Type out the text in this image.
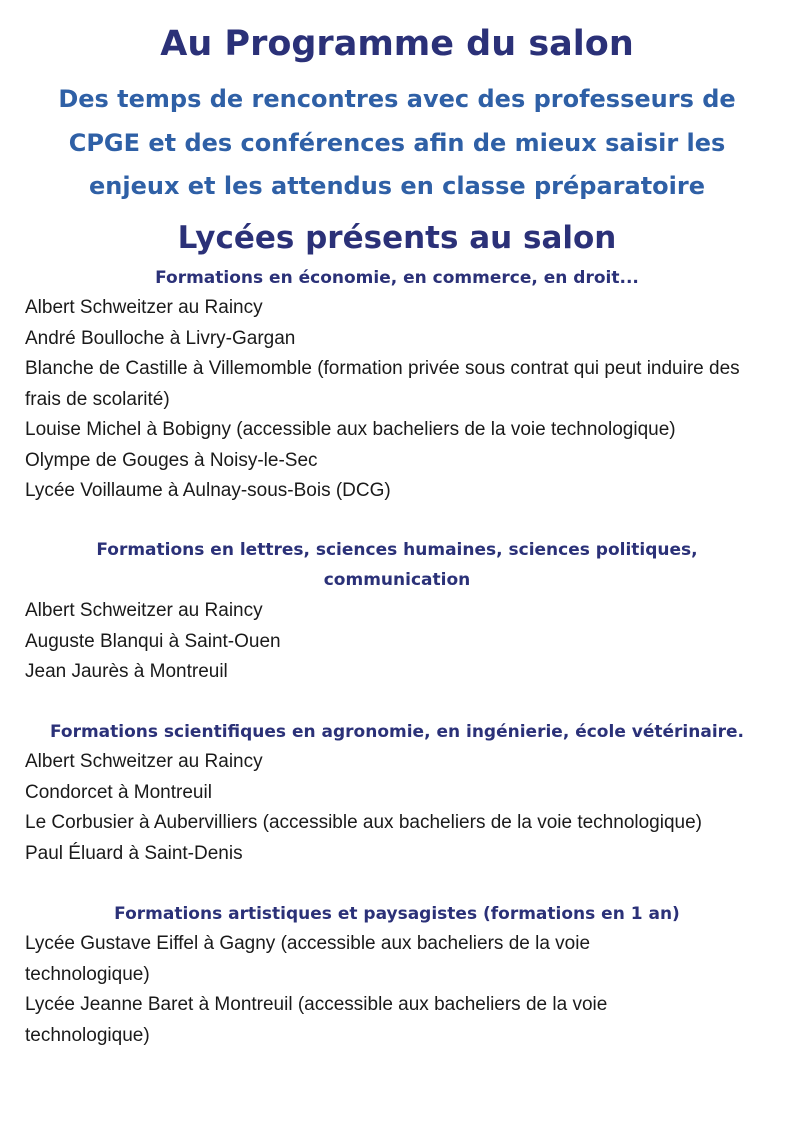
Au Programme du salon

Des temps de rencontres avec des professeurs de CPGE et des conférences afin de mieux saisir les enjeux et les attendus en classe préparatoire

Lycées présents au salon
Formations en économie, en commerce, en droit...
Albert Schweitzer au Raincy
André Boulloche à Livry-Gargan
Blanche de Castille à Villemomble (formation privée sous contrat qui peut induire des frais de scolarité)
Louise Michel à Bobigny (accessible aux bacheliers de la voie technologique)
Olympe de Gouges à Noisy-le-Sec
Lycée Voillaume à Aulnay-sous-Bois (DCG)
Formations en lettres, sciences humaines, sciences politiques, communication
Albert Schweitzer au Raincy
Auguste Blanqui à Saint-Ouen
Jean Jaurès à Montreuil
Formations scientifiques en agronomie, en ingénierie, école vétérinaire.
Albert Schweitzer au Raincy
Condorcet à Montreuil
Le Corbusier à Aubervilliers (accessible aux bacheliers de la voie technologique)
Paul Éluard à Saint-Denis
Formations artistiques et paysagistes (formations en 1 an)
Lycée Gustave Eiffel à Gagny (accessible aux bacheliers de la voie technologique)
Lycée Jeanne Baret à Montreuil (accessible aux bacheliers de la voie technologique)
